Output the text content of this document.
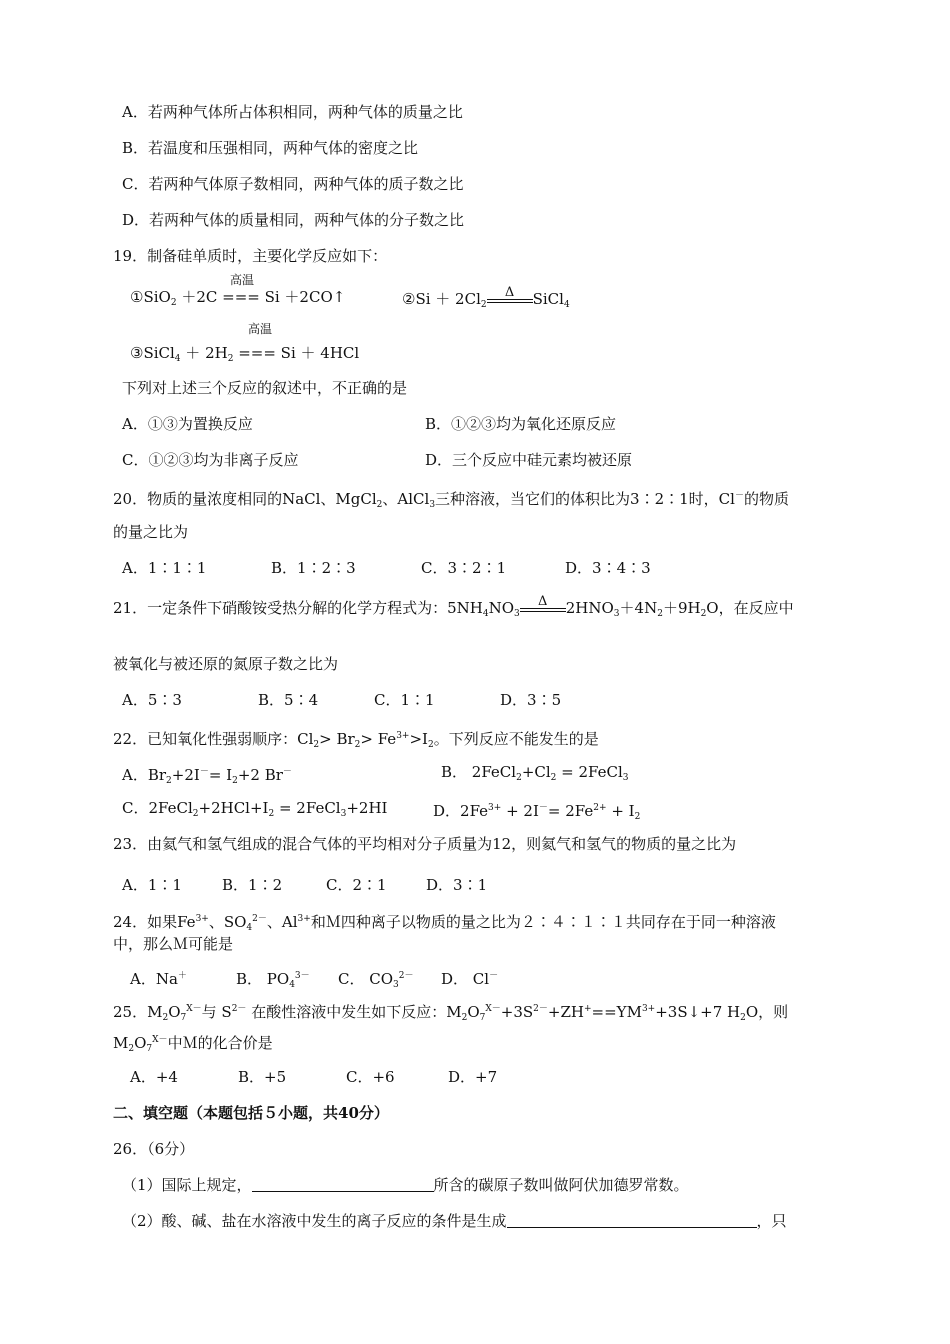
A．若两种气体所占体积相同，两种气体的质量之比
B．若温度和压强相同，两种气体的密度之比
C．若两种气体原子数相同，两种气体的质子数之比
D．若两种气体的质量相同，两种气体的分子数之比
19．制备硅单质时，主要化学反应如下：
高温
①SiO$_2$ ＋2C === Si ＋2CO↑	②Si ＋ $2Cl_2$
Δ	SiCl$_4$
高温
③SiCl$_4$ ＋ $2H_2$ === Si ＋ 4HCl
下列对上述三个反应的叙述中，不正确的是
A．①③为置换反应	B．①②③均为氧化还原反应
C．①②③均为非离子反应	D．三个反应中硅元素均被还原
20．物质的量浓度相同的NaCl、MgCl$_2$、AlCl$_3$三种溶液，当它们的体积比为3∶2∶1时，Cl－的物质
的量之比为
A．1∶1∶1	B．1∶2∶3	C．3∶2∶1	D．3∶4∶3
21．一定条件下硝酸铵受热分解的化学方程式为：$5NH_4NO_3$
Δ	$2HNO_3+4N_2+9H_2O$，在反应中
被氧化与被还原的氮原子数之比为
A．5∶3	B．5∶4	C．1∶1	D．3∶5
22．已知氧化性强弱顺序：$Cl_2> Br_2> Fe^{3+}>I_2$。下列反应不能发生的是
A．$Br_2+2I^-= I_2+2$ Br－	B． $2FeCl_2+Cl_2$ = 2FeCl$_3$
C．$2FeCl_2+2HCl+I_2$ = 2FeCl$_3$+2HI	D．$2Fe^{3+} + 2I^-= 2Fe^{2+} + I_2$
23．由氦气和氢气组成的混合气体的平均相对分子质量为12，则氦气和氢气的物质的量之比为
A．1∶1	B．1∶2	C．2∶1	D．3∶1
24．如果$Fe^{3+}$、$SO_4^{2-}$、$Al^{3+}$和Ｍ四种离子以物质的量之比为２∶４∶１∶１共同存在于同一种溶液
中，那么Ｍ可能是
A．Na＋	B． $PO_4^{3-}$ C． $CO_3^{2-}$ D． Cl－
25．$M_2O_7^{X-}$与 $S^{2-}$ 在酸性溶液中发生如下反应：$M_2O_7^{X-}+3S^{2-}+ZH^+==YM^{3+}+3S↓+7$ $H_2O$，则
$M_2O_7^{X-}$中Ｍ的化合价是
A．+4	B．+5	C．+6	D．+7
二、填空题（本题包括５小题，共40分）
26．（6分）
（1）国际上规定，	所含的碳原子数叫做阿伏加德罗常数。
（2）酸、碱、盐在水溶液中发生的离子反应的条件是生成	，只
